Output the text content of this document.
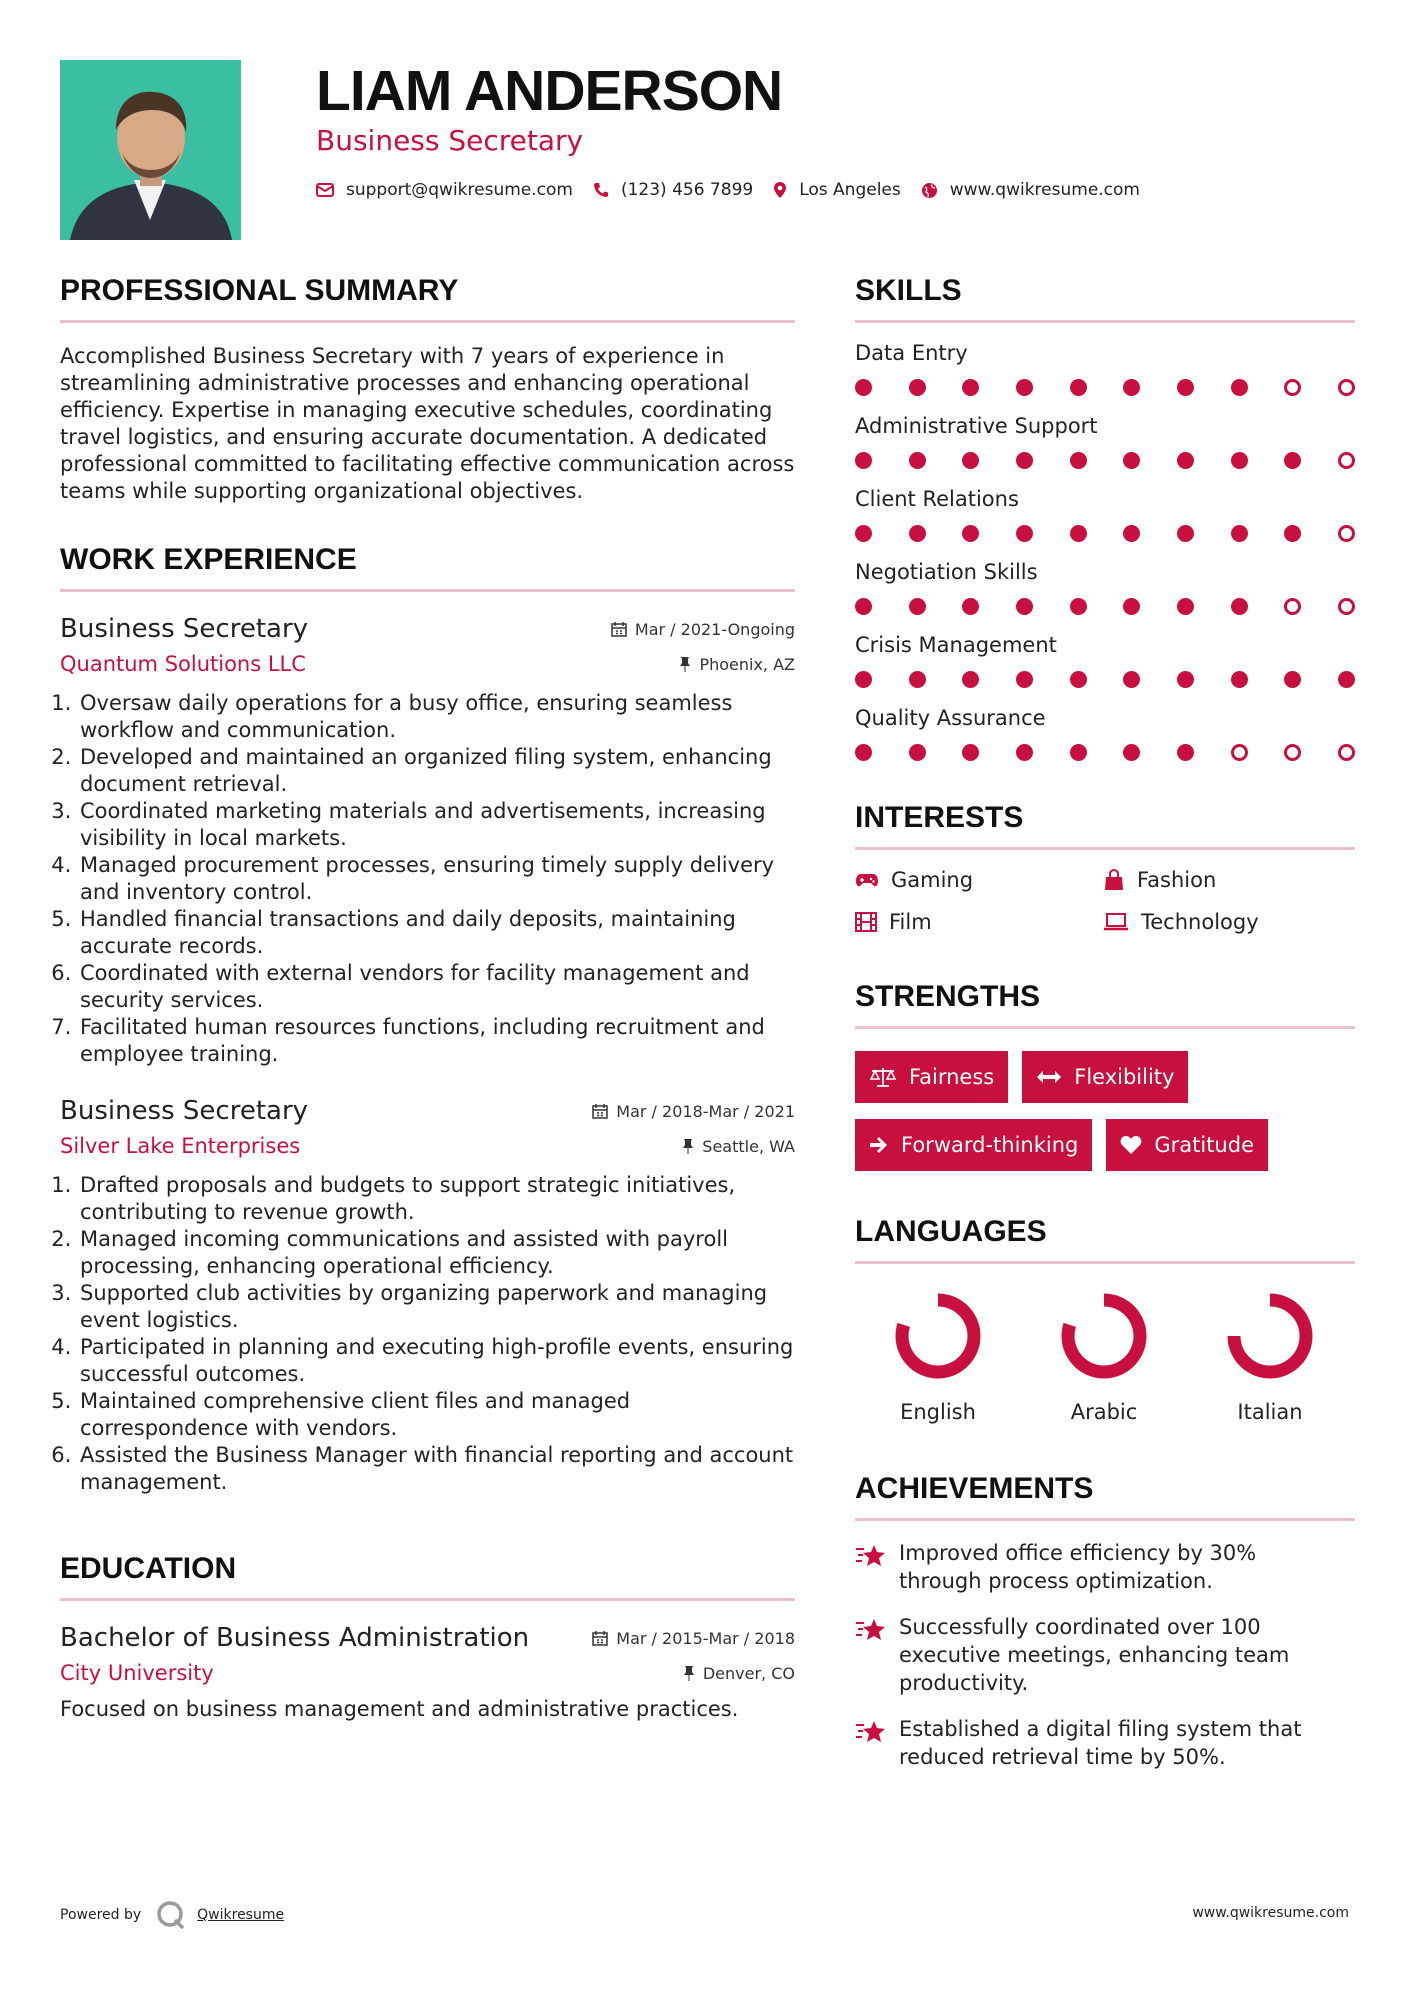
LIAM ANDERSON
Business Secretary
support@qwikresume.com	(123) 456 7899	Los Angeles	www.qwikresume.com
PROFESSIONAL SUMMARY

Accomplished Business Secretary with 7 years of experience in streamlining administrative processes and enhancing operational efficiency. Expertise in managing executive schedules, coordinating travel logistics, and ensuring accurate documentation. A dedicated professional committed to facilitating effective communication across teams while supporting organizational objectives.

WORK EXPERIENCE
Business Secretary	Mar / 2021-Ongoing
Quantum Solutions LLC	Phoenix, AZ
1. Oversaw daily operations for a busy office, ensuring seamless workflow and communication.
2. Developed and maintained an organized filing system, enhancing document retrieval.
3. Coordinated marketing materials and advertisements, increasing visibility in local markets.
4. Managed procurement processes, ensuring timely supply delivery and inventory control.
5. Handled financial transactions and daily deposits, maintaining accurate records.
6. Coordinated with external vendors for facility management and security services.
7. Facilitated human resources functions, including recruitment and employee training.
Business Secretary	Mar / 2018-Mar / 2021
Silver Lake Enterprises	Seattle, WA
1. Drafted proposals and budgets to support strategic initiatives, contributing to revenue growth.
2. Managed incoming communications and assisted with payroll processing, enhancing operational efficiency.
3. Supported club activities by organizing paperwork and managing event logistics.
4. Participated in planning and executing high-profile events, ensuring successful outcomes.
5. Maintained comprehensive client files and managed correspondence with vendors.
6. Assisted the Business Manager with financial reporting and account management.
EDUCATION
Bachelor of Business Administration	Mar / 2015-Mar / 2018
City University	Denver, CO

Focused on business management and administrative practices.

SKILLS
Data Entry
Administrative Support
Client Relations
Negotiation Skills
Crisis Management
Quality Assurance
INTERESTS
Gaming	Fashion
Film	Technology
STRENGTHS
Fairness	Flexibility
Forward-thinking	Gratitude
LANGUAGES
English	Arabic	Italian
ACHIEVEMENTS
Improved office efficiency by 30% through process optimization.
Successfully coordinated over 100 executive meetings, enhancing team productivity.
Established a digital filing system that reduced retrieval time by 50%.
Powered by	Qwikresume	www.qwikresume.com
